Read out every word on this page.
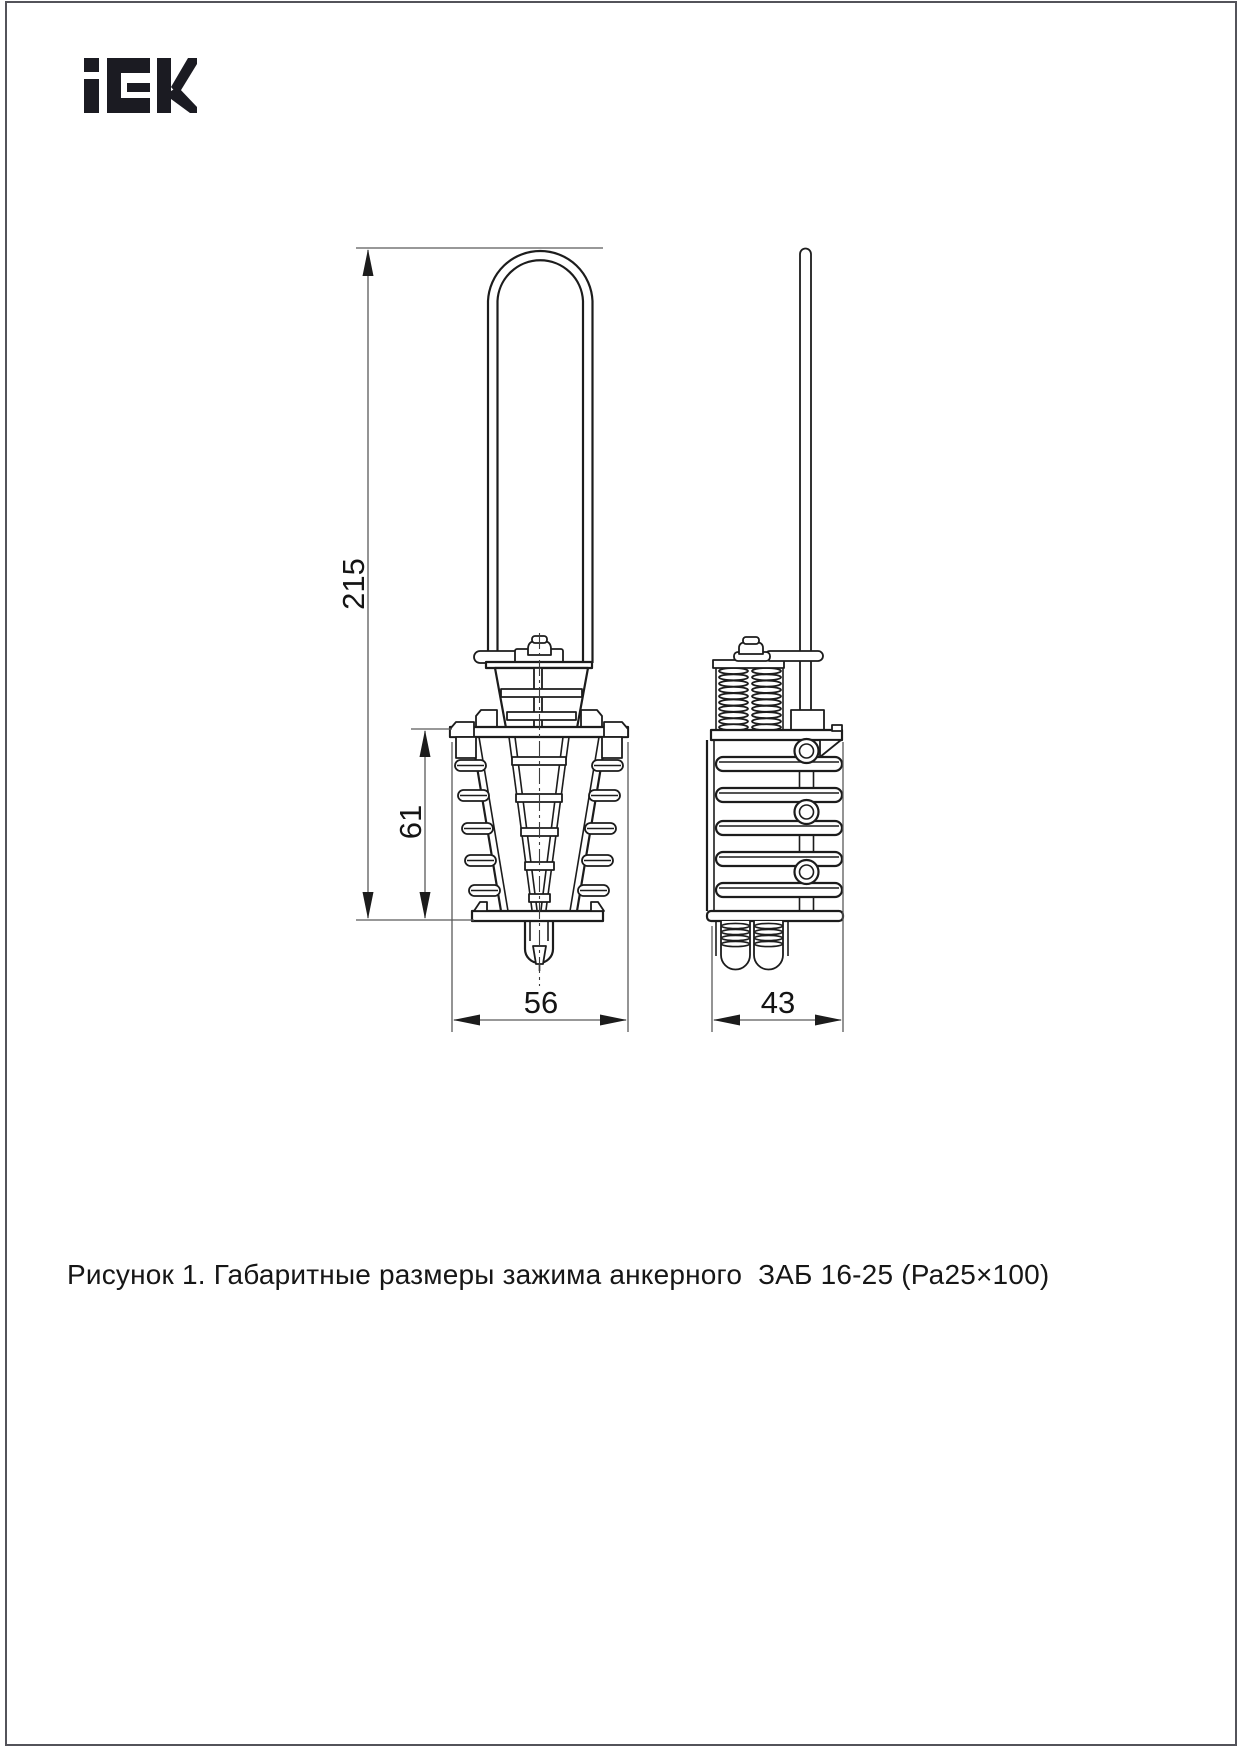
215
61
56	43
Рисунок 1. Габаритные размеры зажима анкерного  ЗАБ 16-25 (Ра25×100)
